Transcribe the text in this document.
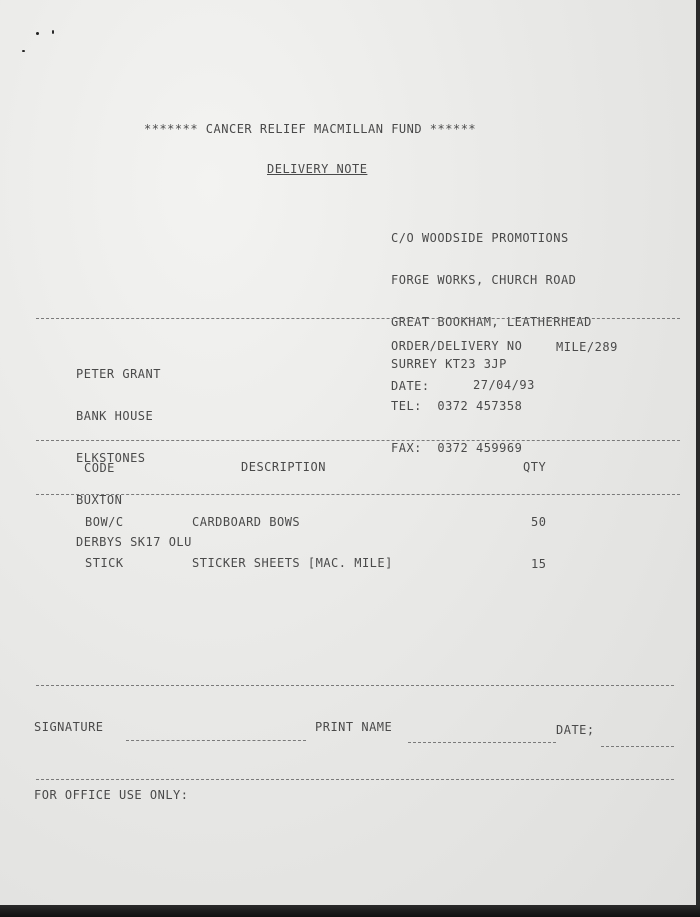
******* CANCER RELIEF MACMILLAN FUND ******
DELIVERY NOTE

C/O WOODSIDE PROMOTIONS

FORGE WORKS, CHURCH ROAD

GREAT BOOKHAM, LEATHERHEAD

SURREY KT23 3JP

TEL:  0372 457358

FAX:  0372 459969

PETER GRANT

BANK HOUSE

ELKSTONES

BUXTON

DERBYS SK17 OLU

ORDER/DELIVERY NO	MILE/289
DATE:	27/04/93
CODE	DESCRIPTION	QTY
BOW/C	CARDBOARD BOWS	50
STICK	STICKER SHEETS [MAC. MILE]	15
SIGNATURE	PRINT NAME	DATE;
FOR OFFICE USE ONLY:
